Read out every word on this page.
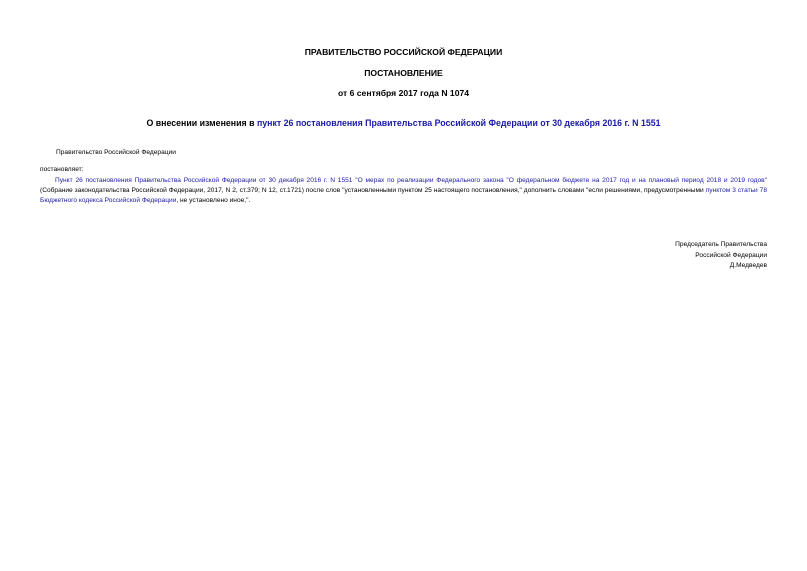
ПРАВИТЕЛЬСТВО РОССИЙСКОЙ ФЕДЕРАЦИИ
ПОСТАНОВЛЕНИЕ
от 6 сентября 2017 года N 1074
О внесении изменения в пункт 26 постановления Правительства Российской Федерации от 30 декабря 2016 г. N 1551
Правительство Российской Федерации
постановляет:
Пункт 26 постановления Правительства Российской Федерации от 30 декабря 2016 г. N 1551 "О мерах по реализации Федерального закона "О федеральном бюджете на 2017 год и на плановый период 2018 и 2019 годов" (Собрание законодательства Российской Федерации, 2017, N 2, ст.379; N 12, ст.1721) после слов "установленными пунктом 25 настоящего постановления," дополнить словами "если решениями, предусмотренными пунктом 3 статьи 78 Бюджетного кодекса Российской Федерации, не установлено иное,".
Председатель Правительства
Российской Федерации
Д.Медведев
